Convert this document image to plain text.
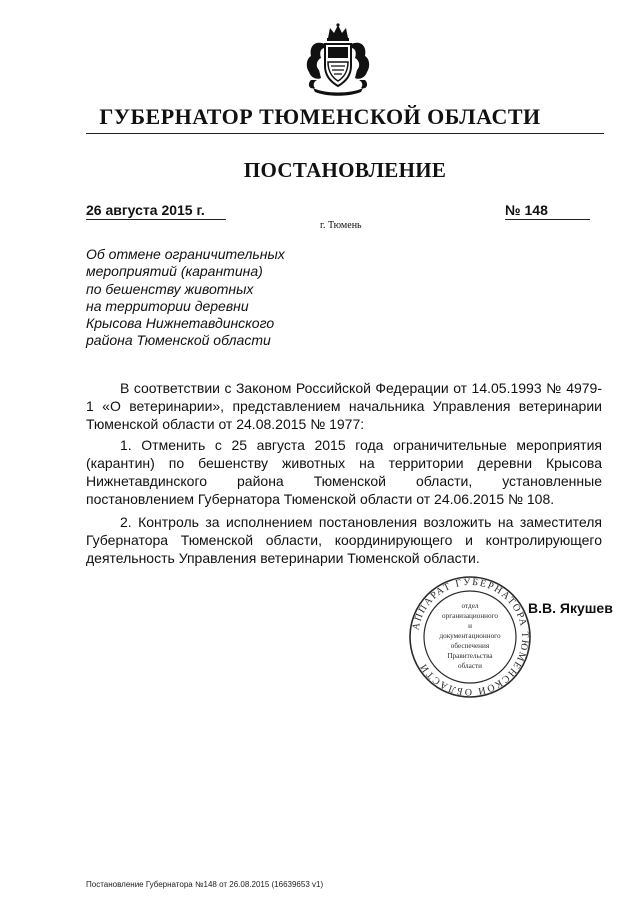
ГУБЕРНАТОР ТЮМЕНСКОЙ ОБЛАСТИ
ПОСТАНОВЛЕНИЕ
26 августа 2015 г.	№ 148
г. Тюмень
Об отмене ограничительных
мероприятий (карантина)
по бешенству животных
на территории деревни
Крысова Нижнетавдинского
района Тюменской области
В соответствии с Законом Российской Федерации от 14.05.1993 № 4979-1 «О ветеринарии», представлением начальника Управления ветеринарии Тюменской области от 24.08.2015 № 1977:
1. Отменить с 25 августа 2015 года ограничительные мероприятия (карантин) по бешенству животных на территории деревни Крысова Нижнетавдинского района Тюменской области, установленные постановлением Губернатора Тюменской области от 24.06.2015 № 108.
2. Контроль за исполнением постановления возложить на заместителя Губернатора Тюменской области, координирующего и контролирующего деятельность Управления ветеринарии Тюменской области.
АППАРАТ ГУБЕРНАТОРА ТЮМЕНСКОЙ ОБЛАСТИ
отдел
организационного
и
документационного
обеспечения
Правительства
области
В.В. Якушев
Постановление Губернатора №148 от 26.08.2015 (16639653 v1)
